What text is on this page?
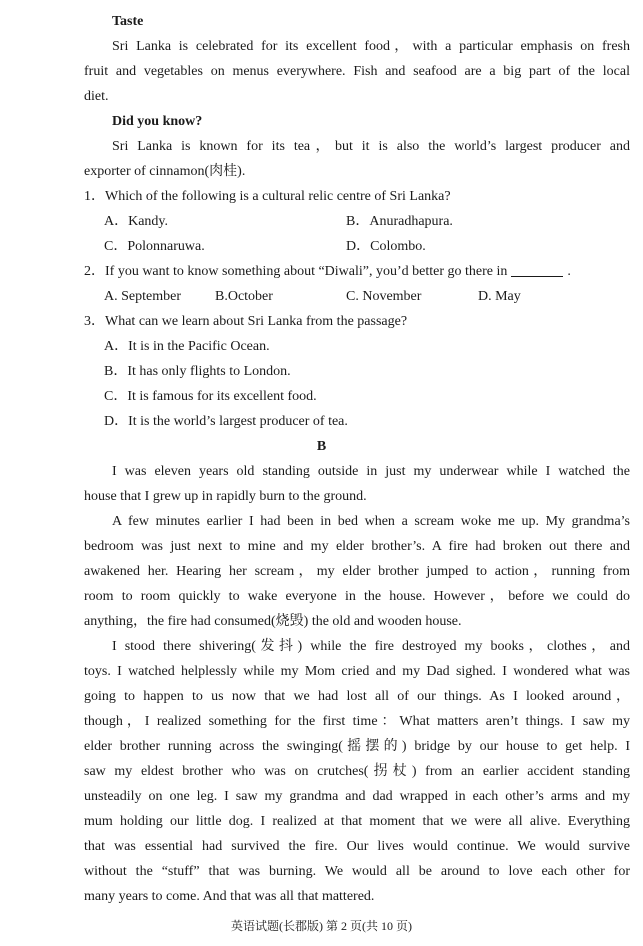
Taste
Sri Lanka is celebrated for its excellent food，with a particular emphasis on fresh
fruit and vegetables on menus everywhere. Fish and seafood are a big part of the local
diet.
Did you know?
Sri Lanka is known for its tea，but it is also the world’s largest producer and
exporter of cinnamon(肉桂).
1．Which of the following is a cultural relic centre of Sri Lanka?
A．Kandy.	B．Anuradhapura.
C．Polonnaruwa.	D．Colombo.
2．If you want to know something about “Diwali”, you’d better go there in	.
A. September B.October	C. November	D. May
3．What can we learn about Sri Lanka from the passage?
A．It is in the Pacific Ocean.
B．It has only flights to London.
C．It is famous for its excellent food.
D．It is the world’s largest producer of tea.
B
I was eleven years old standing outside in just my underwear while I watched the
house that I grew up in rapidly burn to the ground.
A few minutes earlier I had been in bed when a scream woke me up. My grandma’s
bedroom was just next to mine and my elder brother’s. A fire had broken out there and
awakened her. Hearing her scream，my elder brother jumped to action，running from
room to room quickly to wake everyone in the house. However，before we could do
anything，the fire had consumed(烧毁) the old and wooden house.
I stood there shivering(发抖) while the fire destroyed my books，clothes，and
toys. I watched helplessly while my Mom cried and my Dad sighed. I wondered what was
going to happen to us now that we had lost all of our things. As I looked around，
though，I realized something for the first time：What matters aren’t things. I saw my
elder brother running across the swinging(摇摆的) bridge by our house to get help. I
saw my eldest brother who was on crutches(拐杖) from an earlier accident standing
unsteadily on one leg. I saw my grandma and dad wrapped in each other’s arms and my
mum holding our little dog. I realized at that moment that we were all alive. Everything
that was essential had survived the fire. Our lives would continue. We would survive
without the “stuff” that was burning. We would all be around to love each other for
many years to come. And that was all that mattered.
英语试题(长郡版) 第 2 页(共 10 页)
